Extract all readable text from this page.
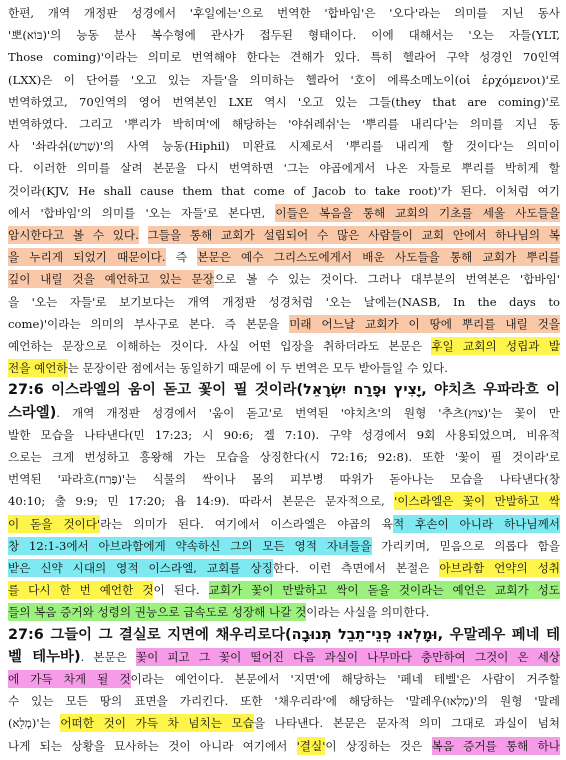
한편, 개역 개정판 성경에서 '후일에는'으로 번역한 '합바임'은 '오다'라는 의미를 지닌 동사
'뽀(בּוֹא)'의 능동 분사 복수형에 관사가 접두된 형태이다. 이에 대해서는 '오는 자들(YLT,
Those coming)'이라는 의미로 번역해야 한다는 견해가 있다. 특히 헬라어 구약 성경인 70인역
(LXX)은 이 단어를 '오고 있는 자들'을 의미하는 헬라어 '호이 에륵소메노이(οἱ ἐρχόμενοι)'로
번역하였고, 70인역의 영어 번역본인 LXE 역시 '오고 있는 그들(they that are coming)'로
번역하였다. 그리고 '뿌리가 박히며'에 해당하는 '야쉬레쉬'는 '뿌리를 내리다'는 의미를 지닌 동
사 '솨라쉬(שָׁרַשׁ)'의 사역 능동(Hiphil) 미완료 시제로서 '뿌리를 내리게 할 것이다'는 의미이
다. 이러한 의미를 살려 본문을 다시 번역하면 '그는 야곱에게서 나온 자들로 뿌리를 박히게 할
것이라(KJV, He shall cause them that come of Jacob to take root)'가 된다. 이처럼 여기
에서 '합바임'의 의미를 '오는 자들'로 본다면, 이들은 복음을 통해 교회의 기초를 세울 사도들을
암시한다고 볼 수 있다. 그들을 통해 교회가 설립되어 수 많은 사람들이 교회 안에서 하나님의 복
을 누리게 되었기 때문이다. 즉 본문은 예수 그리스도에게서 배운 사도들을 통해 교회가 뿌리를
깊이 내릴 것을 예언하고 있는 문장으로 볼 수 있는 것이다. 그러나 대부분의 번역본은 '합바임'
을 '오는 자들'로 보기보다는 개역 개정판 성경처럼 '오는 날에는(NASB, In the days to
come)'이라는 의미의 부사구로 본다. 즉 본문을 미래 어느날 교회가 이 땅에 뿌리를 내릴 것을
예언하는 문장으로 이해하는 것이다. 사실 어떤 입장을 취하더라도 본문은 후일 교회의 성립과 발
전을 예언하는 문장이란 점에서는 동일하기 때문에 이 두 번역은 모두 받아들일 수 있다.
27:6 이스라엘의 움이 돋고 꽃이 필 것이라(יָצִיץ וּפָרַח יִשְׂרָאֵל, 야치츠 우파라흐 이
스라엘). 개역 개정판 성경에서 '움이 돋고'로 번역된 '야치츠'의 원형 '추츠(צוּץ)'는 꽃이 만
발한 모습을 나타낸다(민 17:23; 시 90:6; 겔 7:10). 구약 성경에서 9회 사용되었으며, 비유적
으로는 크게 번성하고 흥왕해 가는 모습을 상징한다(시 72:16; 92:8). 또한 '꽃이 필 것이라'로
번역된 '파라흐(פָּרַח)'는 식물의 싹이나 몸의 피부병 따위가 돋아나는 모습을 나타낸다(창
40:10; 출 9:9; 민 17:20; 욥 14:9). 따라서 본문은 문자적으로, '이스라엘은 꽃이 만발하고 싹
이 돋을 것이다'라는 의미가 된다. 여기에서 이스라엘은 야곱의 육적 후손이 아니라 하나님께서
창 12:1-3에서 아브라함에게 약속하신 그의 모든 영적 자녀들을 가리키며, 믿음으로 의롭다 함을
받은 신약 시대의 영적 이스라엘, 교회를 상징한다. 이런 측면에서 본절은 아브라함 언약의 성취
를 다시 한 번 예언한 것이 된다. 교회가 꽃이 만발하고 싹이 돋을 것이라는 예언은 교회가 성도
들의 복음 증거와 성령의 권능으로 급속도로 성장해 나갈 것이라는 사실을 의미한다.
27:6 그들이 그 결실로 지면에 채우리로다(וּמָלְאוּ פְנֵי־תֵבֵל תְּנוּבָה, 우말레우 페네 테
벨 테누바). 본문은 꽃이 피고 그 꽃이 떨어진 다음 과실이 나무마다 충만하여 그것이 온 세상
에 가득 차게 될 것이라는 예언이다. 본문에서 '지면'에 해당하는 '페네 테벨'은 사람이 거주할
수 있는 모든 땅의 표면을 가리킨다. 또한 '채우리라'에 해당하는 '말레우(מָלְאוּ)'의 원형 '말레
(מָלֵא)'는 어떠한 것이 가득 차 넘치는 모습을 나타낸다. 본문은 문자적 의미 그대로 과실이 넘쳐
나게 되는 상황을 묘사하는 것이 아니라 여기에서 '결실'이 상징하는 것은 복음 증거를 통해 하나
